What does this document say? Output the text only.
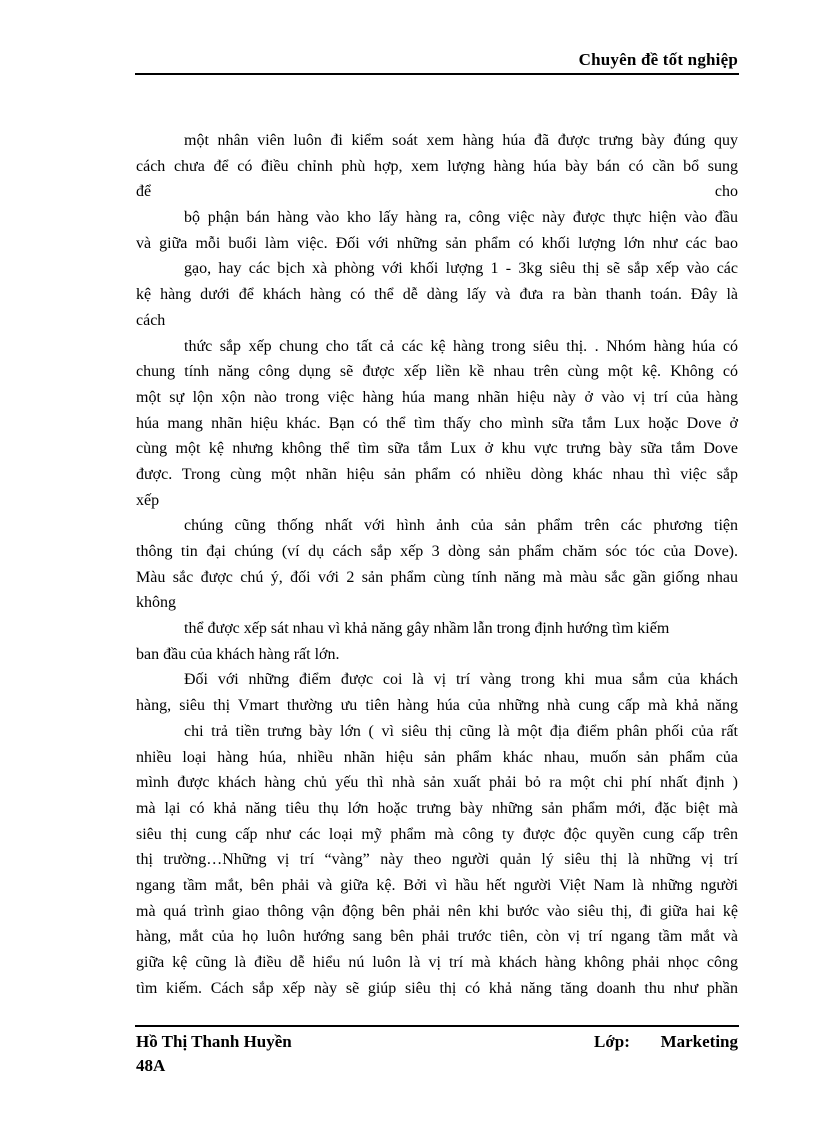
Chuyên đề tốt nghiệp
một nhân viên luôn đi kiểm soát xem hàng húa đã được trưng bày đúng quy
cách chưa để có điều chỉnh phù hợp, xem lượng hàng húa bày bán có cần bổ sung
để cho
bộ phận bán hàng vào kho lấy hàng ra, công việc này được thực hiện vào đầu
và giữa mỗi buổi làm việc. Đối với những sản phẩm có khối lượng lớn như các bao
gạo, hay các bịch xà phòng với khối lượng 1 - 3kg siêu thị sẽ sắp xếp vào các
kệ hàng dưới để khách hàng có thể dễ dàng lấy và đưa ra bàn thanh toán. Đây là
cách
thức sắp xếp chung cho tất cả các kệ hàng trong siêu thị. . Nhóm hàng húa có
chung tính năng công dụng sẽ được xếp liền kề nhau trên cùng một kệ. Không có
một sự lộn xộn nào trong việc hàng húa mang nhãn hiệu này ở vào vị trí của hàng
húa mang nhãn hiệu khác. Bạn có thể tìm thấy cho mình sữa tắm Lux hoặc Dove ở
cùng một kệ nhưng không thể tìm sữa tắm Lux ở khu vực trưng bày sữa tắm Dove
được. Trong cùng một nhãn hiệu sản phẩm có nhiều dòng khác nhau thì việc sắp
xếp
chúng cũng thống nhất với hình ảnh của sản phẩm trên các phương tiện
thông tin đại chúng (ví dụ cách sắp xếp 3 dòng sản phẩm chăm sóc tóc của Dove).
Màu sắc được chú ý, đối với 2 sản phẩm cùng tính năng mà màu sắc gần giống nhau
không
thể được xếp sát nhau vì khả năng gây nhầm lẫn trong định hướng tìm kiếm
ban đầu của khách hàng rất lớn.
Đối với những điểm được coi là vị trí vàng trong khi mua sắm của khách
hàng, siêu thị Vmart thường ưu tiên hàng húa của những nhà cung cấp mà khả năng
chi trả tiền trưng bày lớn ( vì siêu thị cũng là một địa điểm phân phối của rất
nhiều loại hàng húa, nhiều nhãn hiệu sản phẩm khác nhau, muốn sản phẩm của
mình được khách hàng chủ yếu thì nhà sản xuất phải bỏ ra một chi phí nhất định )
mà lại có khả năng tiêu thụ lớn hoặc trưng bày những sản phẩm mới, đặc biệt mà
siêu thị cung cấp như các loại mỹ phẩm mà công ty được độc quyền cung cấp trên
thị trường…Những vị trí “vàng” này theo người quản lý siêu thị là những vị trí
ngang tầm mắt, bên phải và giữa kệ. Bởi vì hầu hết người Việt Nam là những người
mà quá trình giao thông vận động bên phải nên khi bước vào siêu thị, đi giữa hai kệ
hàng, mắt của họ luôn hướng sang bên phải trước tiên, còn vị trí ngang tầm mắt và
giữa kệ cũng là điều dễ hiểu nú luôn là vị trí mà khách hàng không phải nhọc công
tìm kiếm. Cách sắp xếp này sẽ giúp siêu thị có khả năng tăng doanh thu như phần
Hồ Thị Thanh Huyền	Lớp: Marketing
48A
